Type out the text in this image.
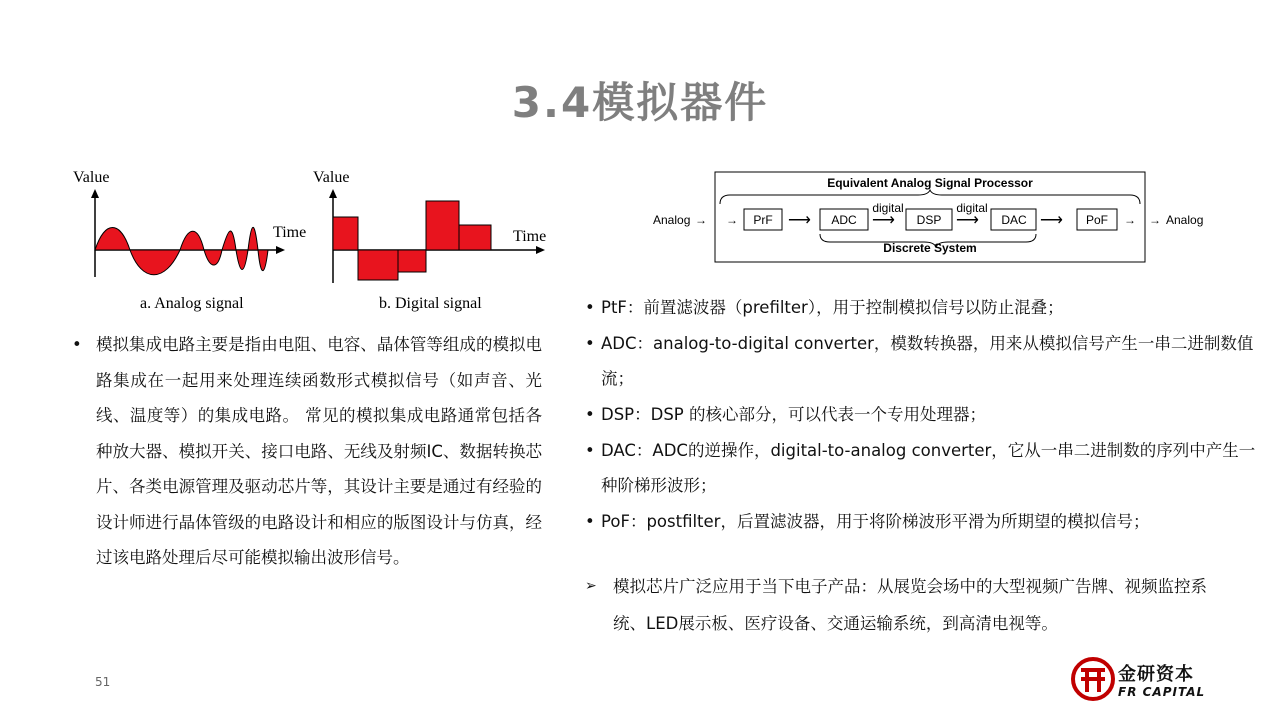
3.4模拟器件
Value
Time
a. Analog signal
Value
Time
b. Digital signal
Equivalent Analog Signal Processor
Analog → → PrF ⟶ ADC
digital
⟶ DSP
digital
⟶ DAC ⟶ PoF →
Discrete System
→ Analog
• 模拟集成电路主要是指由电阻、电容、晶体管等组成的模拟电路集成在一起用来处理连续函数形式模拟信号（如声音、光线、温度等）的集成电路。 常见的模拟集成电路通常包括各种放大器、模拟开关、接口电路、无线及射频IC、数据转换芯片、各类电源管理及驱动芯片等，其设计主要是通过有经验的设计师进行晶体管级的电路设计和相应的版图设计与仿真，经过该电路处理后尽可能模拟输出波形信号。
• PtF：前置滤波器（prefilter），用于控制模拟信号以防止混叠；
• ADC：analog-to-digital converter，模数转换器，用来从模拟信号产生一串二进制数值流；
• DSP：DSP 的核心部分，可以代表一个专用处理器；
• DAC：ADC的逆操作，digital-to-analog converter，它从一串二进制数的序列中产生一种阶梯形波形；
• PoF：postfilter，后置滤波器，用于将阶梯波形平滑为所期望的模拟信号；
➢ 模拟芯片广泛应用于当下电子产品：从展览会场中的大型视频广告牌、视频监控系统、LED展示板、医疗设备、交通运输系统，到高清电视等。
51	金研资本
FR CAPITAL
